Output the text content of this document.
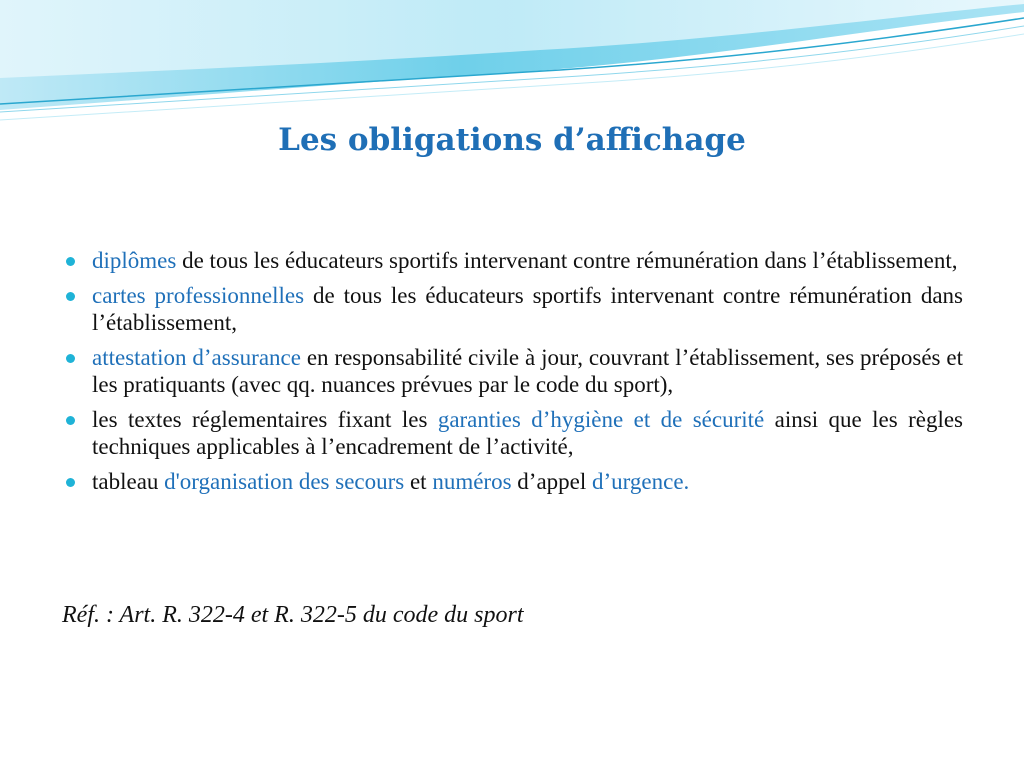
Les obligations d’affichage
diplômes de tous les éducateurs sportifs intervenant contre rémunération dans l’établissement,
cartes professionnelles de tous les éducateurs sportifs intervenant contre rémunération dans l’établissement,
attestation d’assurance en responsabilité civile à jour, couvrant l’établissement, ses préposés et les pratiquants (avec qq. nuances prévues par le code du sport),
les textes réglementaires fixant les garanties d’hygiène et de sécurité ainsi que les règles techniques applicables à l’encadrement de l’activité,
tableau d'organisation des secours et numéros d’appel d’urgence.

Réf. : Art. R. 322-4 et R. 322-5 du code du sport
